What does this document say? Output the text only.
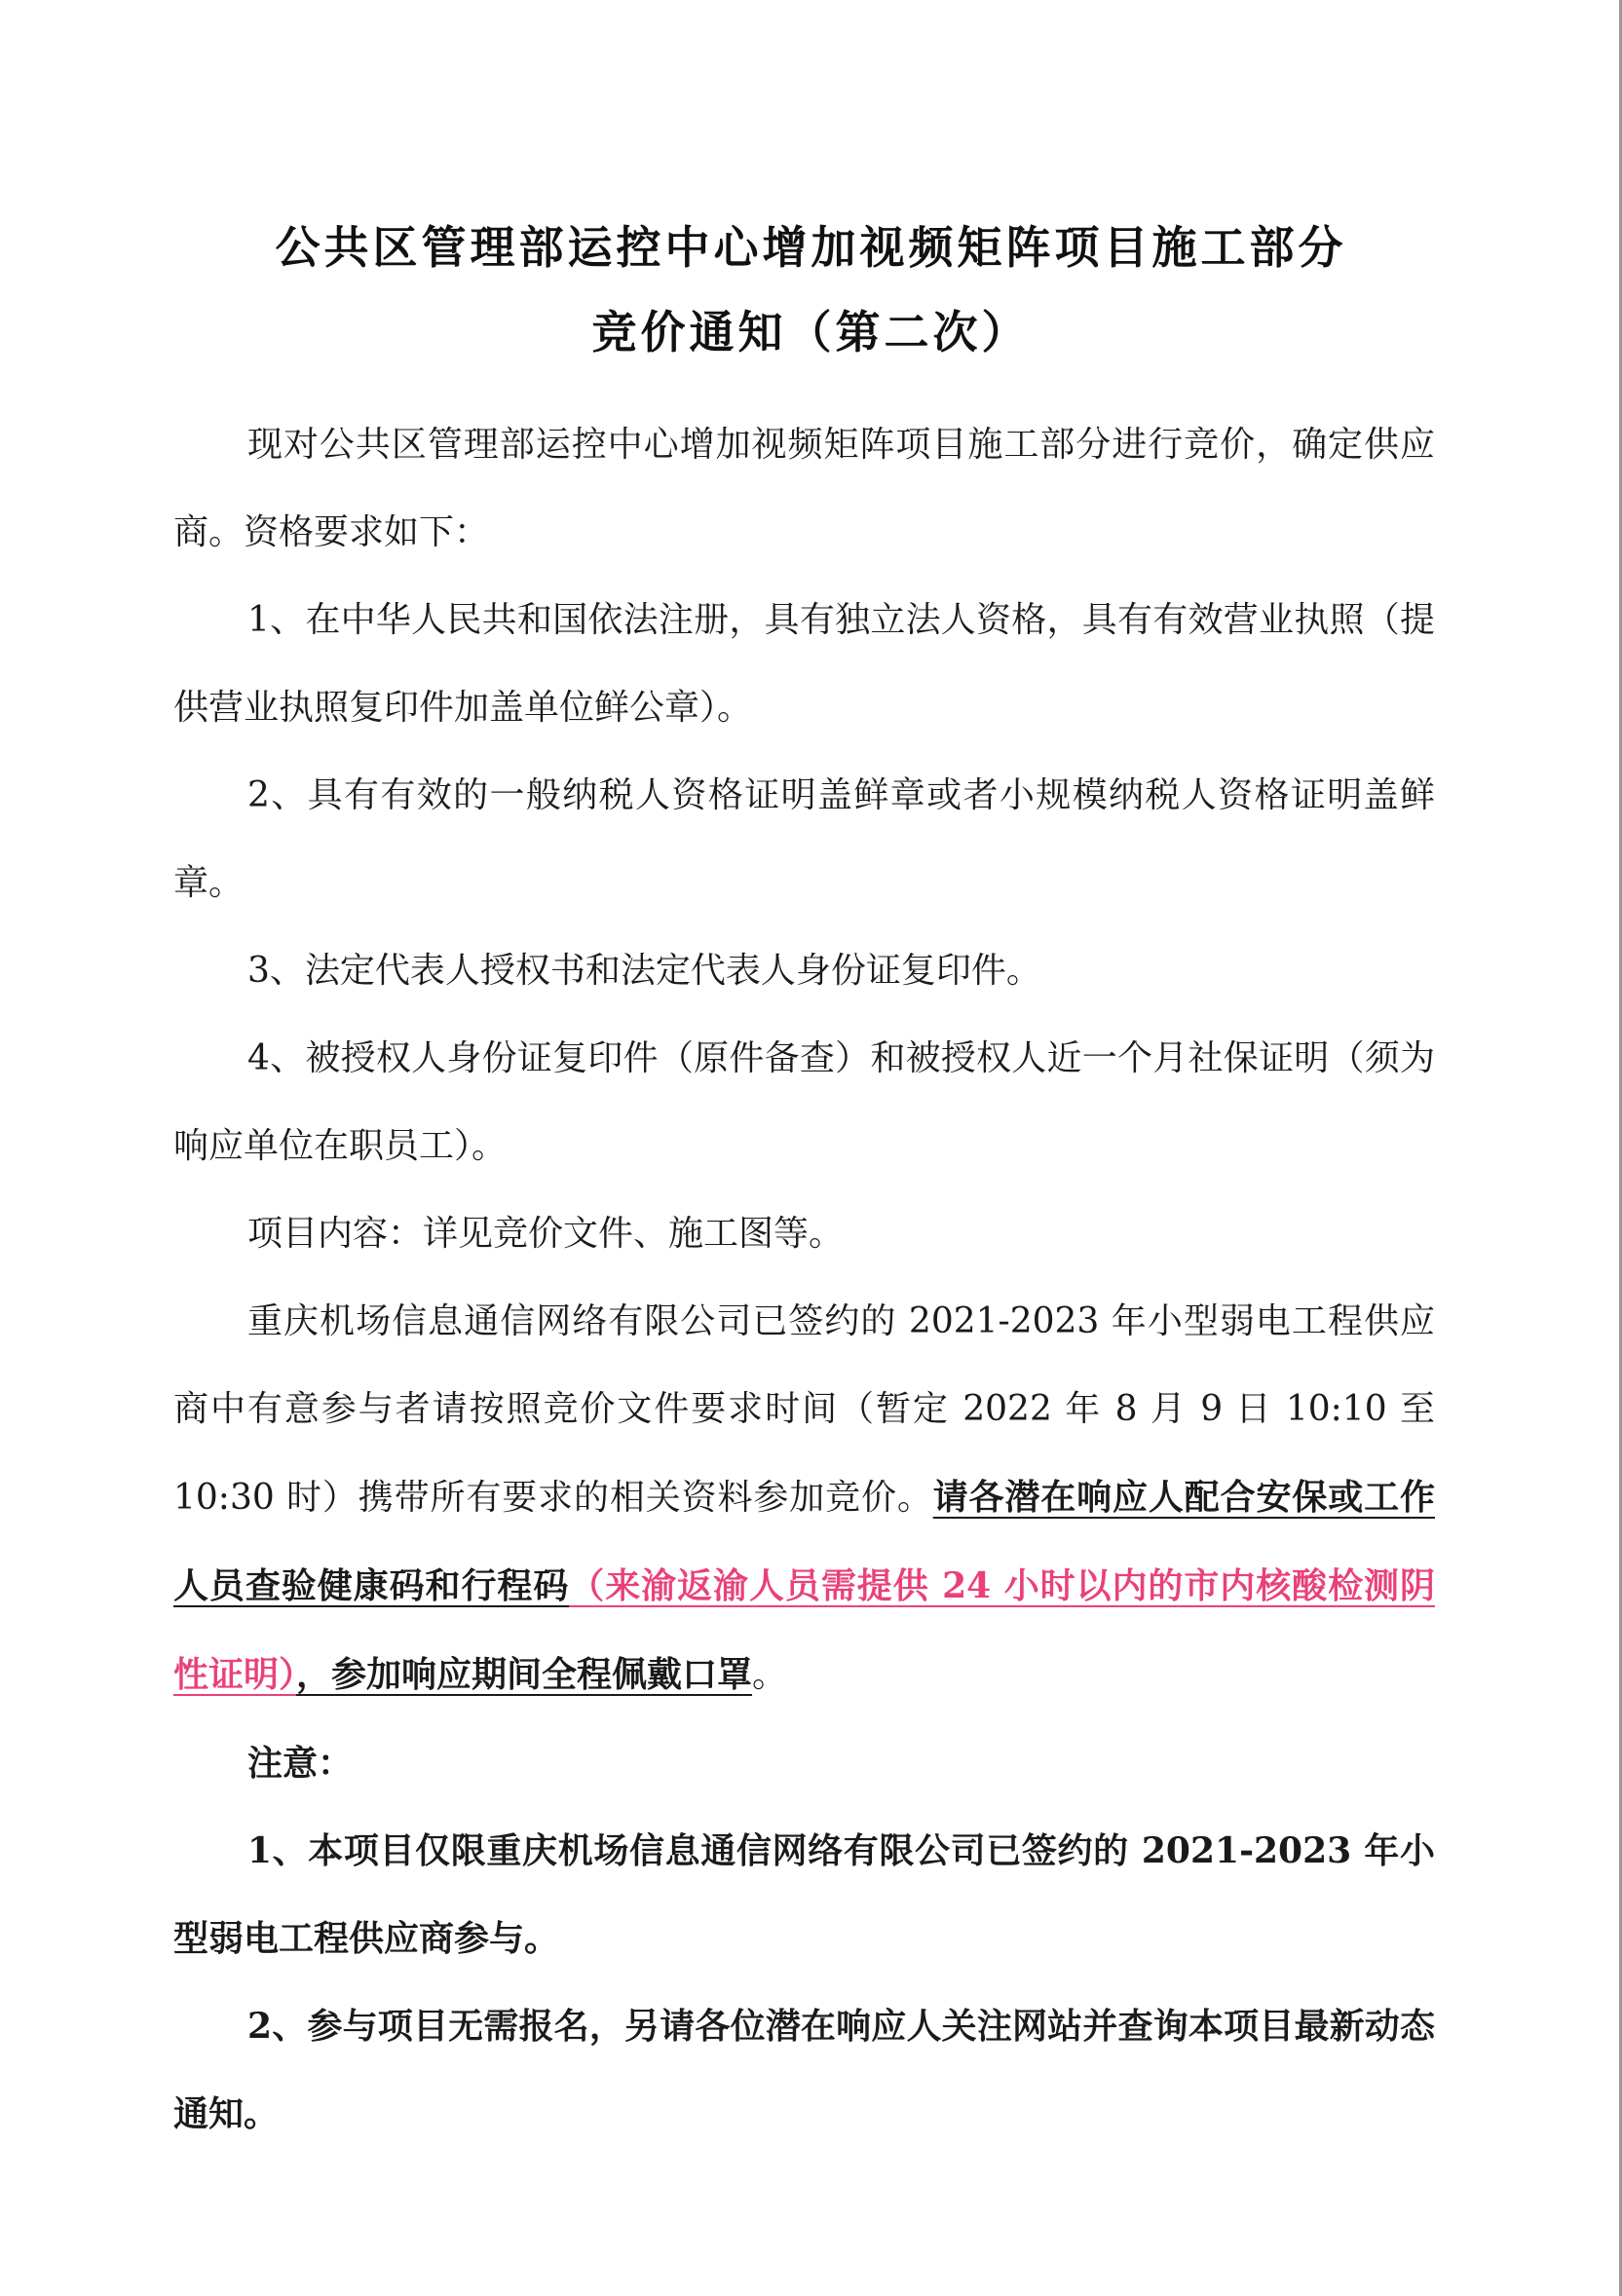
公共区管理部运控中心增加视频矩阵项目施工部分
竞价通知（第二次）

现对公共区管理部运控中心增加视频矩阵项目施工部分进行竞价，确定供应商。资格要求如下：

1、在中华人民共和国依法注册，具有独立法人资格，具有有效营业执照（提供营业执照复印件加盖单位鲜公章）。

2、具有有效的一般纳税人资格证明盖鲜章或者小规模纳税人资格证明盖鲜章。

3、法定代表人授权书和法定代表人身份证复印件。

4、被授权人身份证复印件（原件备查）和被授权人近一个月社保证明（须为响应单位在职员工）。

项目内容：详见竞价文件、施工图等。

重庆机场信息通信网络有限公司已签约的 2021-2023 年小型弱电工程供应商中有意参与者请按照竞价文件要求时间（暂定 2022 年 8 月 9 日 10:10 至 10:30 时）携带所有要求的相关资料参加竞价。请各潜在响应人配合安保或工作人员查验健康码和行程码（来渝返渝人员需提供 24 小时以内的市内核酸检测阴性证明），参加响应期间全程佩戴口罩。

注意：

1、本项目仅限重庆机场信息通信网络有限公司已签约的 2021-2023 年小型弱电工程供应商参与。

2、参与项目无需报名，另请各位潜在响应人关注网站并查询本项目最新动态通知。
